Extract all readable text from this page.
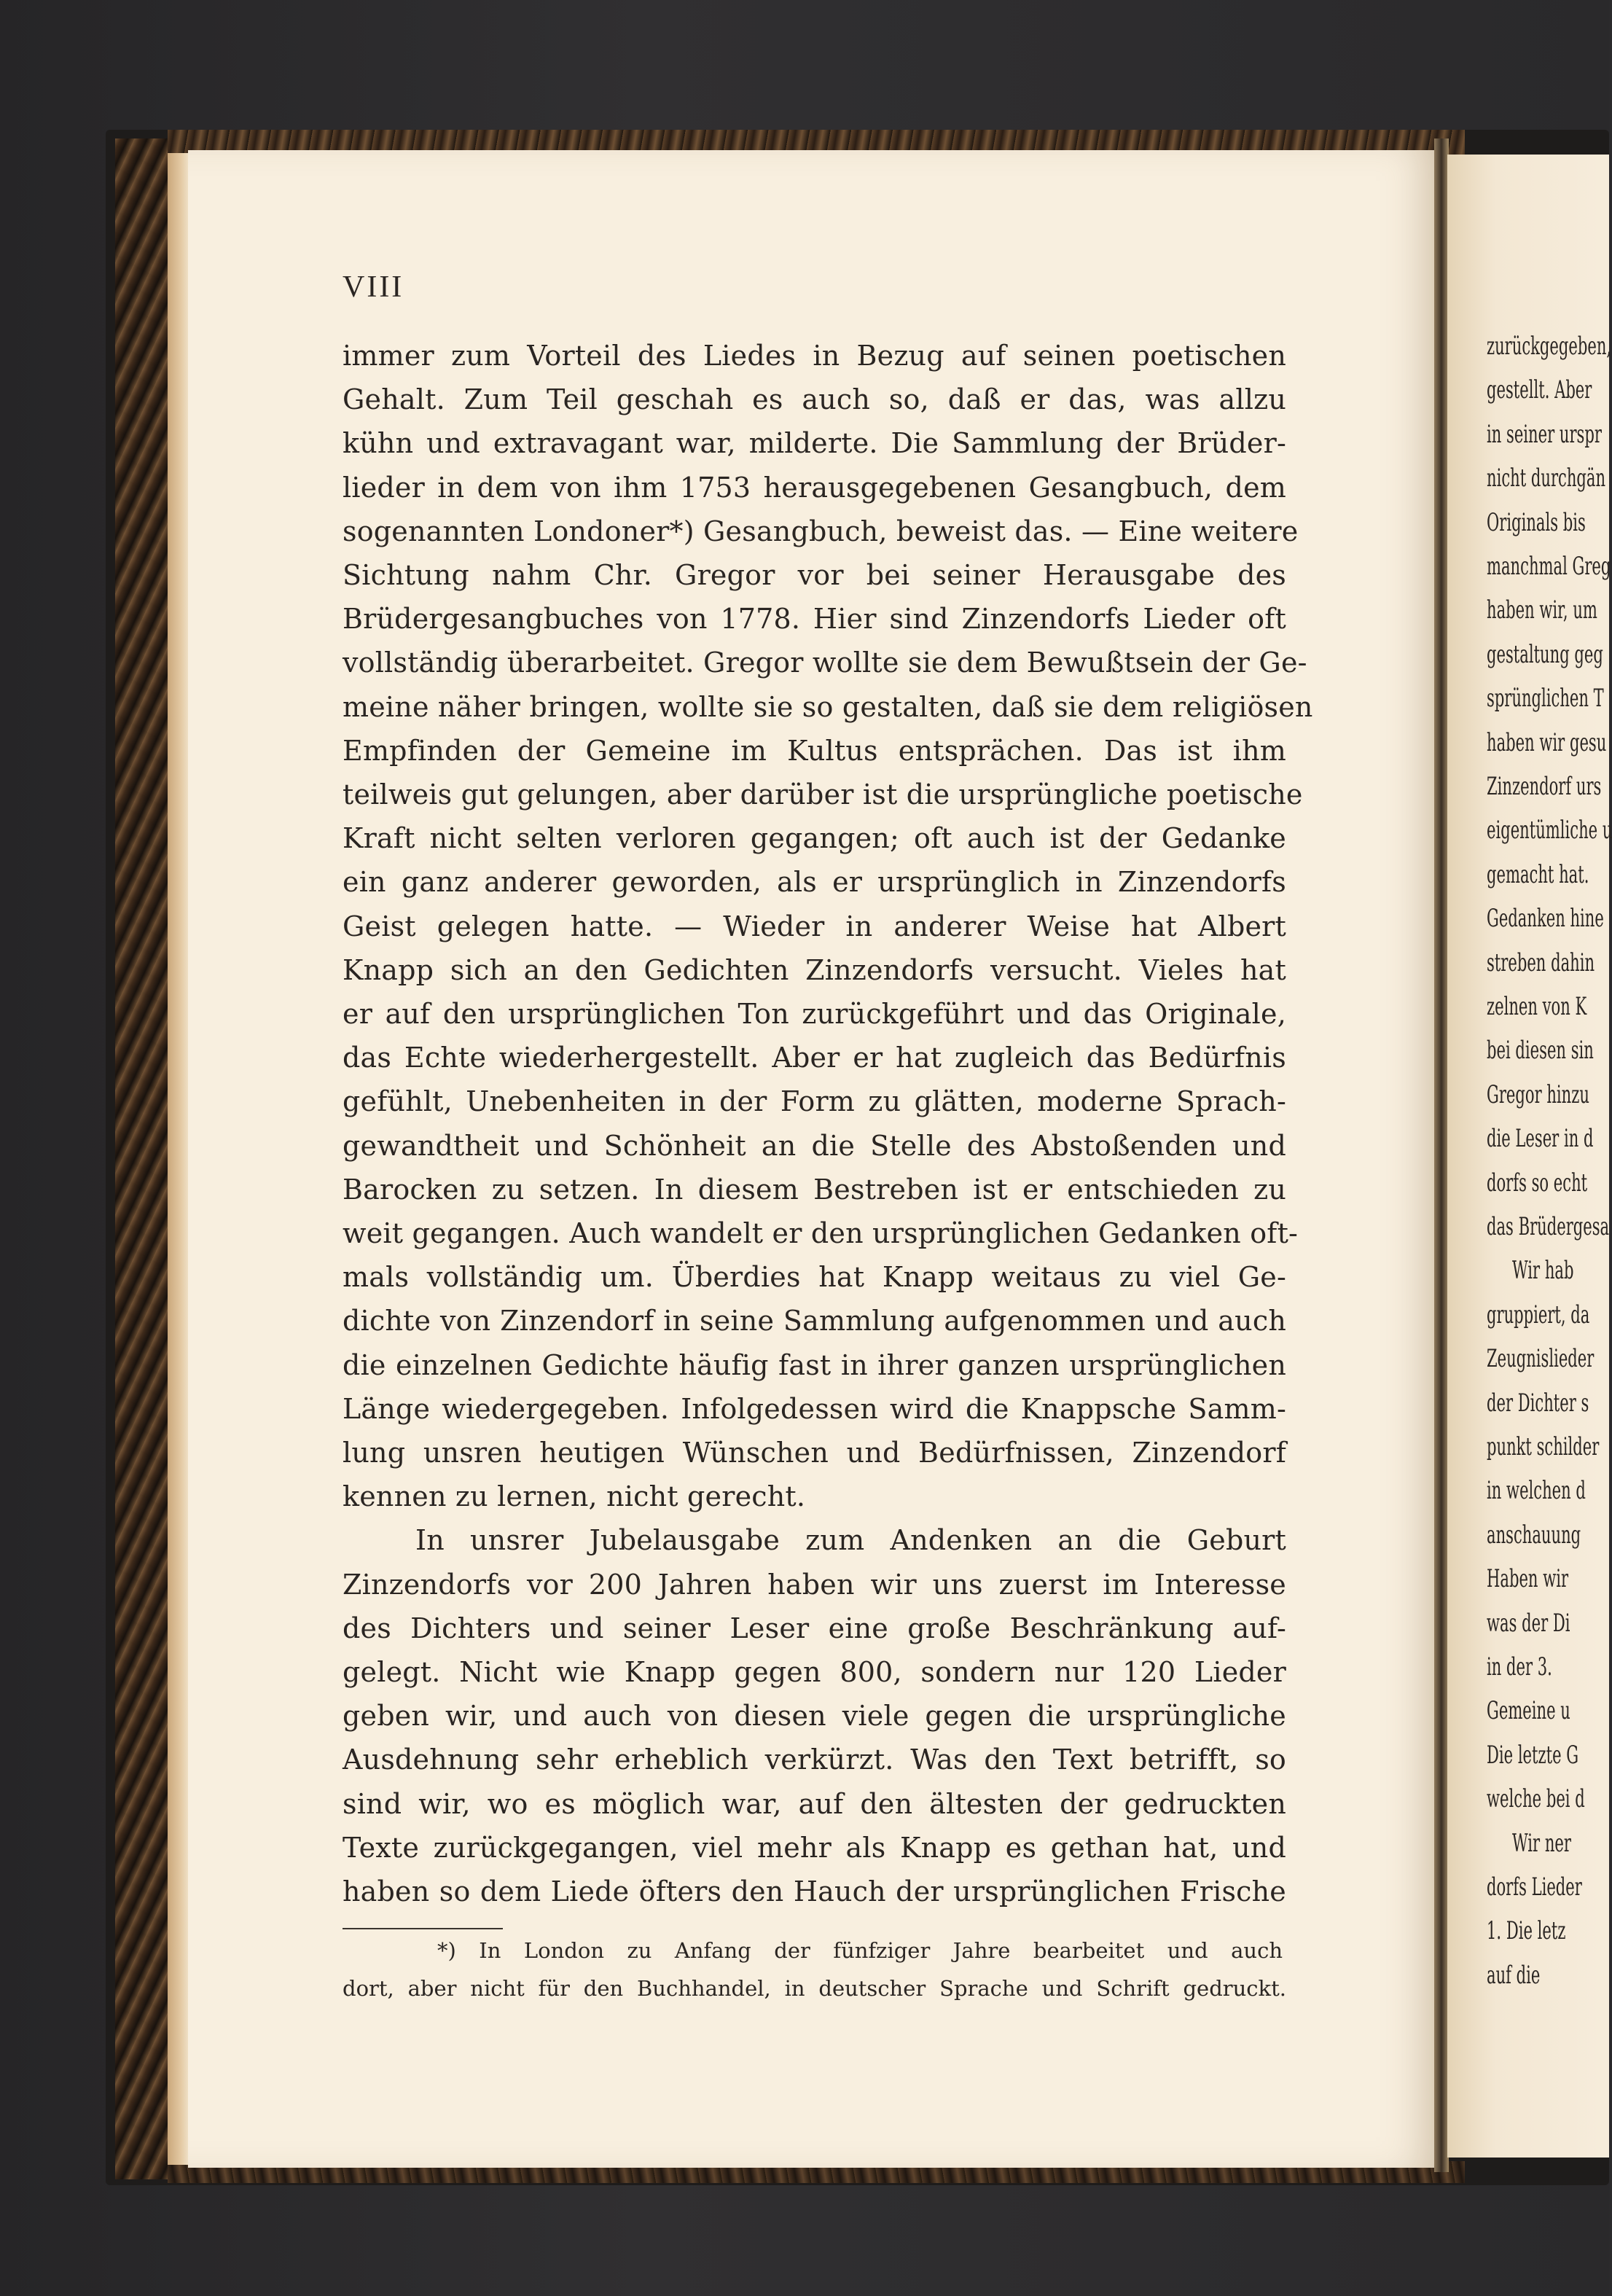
VIII
immer zum Vorteil des Liedes in Bezug auf seinen poetischen
Gehalt. Zum Teil geschah es auch so, daß er das, was allzu
kühn und extravagant war, milderte. Die Sammlung der Brüder-
lieder in dem von ihm 1753 herausgegebenen Gesangbuch, dem
sogenannten Londoner*) Gesangbuch, beweist das. — Eine weitere
Sichtung nahm Chr. Gregor vor bei seiner Herausgabe des
Brüdergesangbuches von 1778. Hier sind Zinzendorfs Lieder oft
vollständig überarbeitet. Gregor wollte sie dem Bewußtsein der Ge-
meine näher bringen, wollte sie so gestalten, daß sie dem religiösen
Empfinden der Gemeine im Kultus entsprächen. Das ist ihm
teilweis gut gelungen, aber darüber ist die ursprüngliche poetische
Kraft nicht selten verloren gegangen; oft auch ist der Gedanke
ein ganz anderer geworden, als er ursprünglich in Zinzendorfs
Geist gelegen hatte. — Wieder in anderer Weise hat Albert
Knapp sich an den Gedichten Zinzendorfs versucht. Vieles hat
er auf den ursprünglichen Ton zurückgeführt und das Originale,
das Echte wiederhergestellt. Aber er hat zugleich das Bedürfnis
gefühlt, Unebenheiten in der Form zu glätten, moderne Sprach-
gewandtheit und Schönheit an die Stelle des Abstoßenden und
Barocken zu setzen. In diesem Bestreben ist er entschieden zu
weit gegangen. Auch wandelt er den ursprünglichen Gedanken oft-
mals vollständig um. Überdies hat Knapp weitaus zu viel Ge-
dichte von Zinzendorf in seine Sammlung aufgenommen und auch
die einzelnen Gedichte häufig fast in ihrer ganzen ursprünglichen
Länge wiedergegeben. Infolgedessen wird die Knappsche Samm-
lung unsren heutigen Wünschen und Bedürfnissen, Zinzendorf
kennen zu lernen, nicht gerecht.
In unsrer Jubelausgabe zum Andenken an die Geburt
Zinzendorfs vor 200 Jahren haben wir uns zuerst im Interesse
des Dichters und seiner Leser eine große Beschränkung auf-
gelegt. Nicht wie Knapp gegen 800, sondern nur 120 Lieder
geben wir, und auch von diesen viele gegen die ursprüngliche
Ausdehnung sehr erheblich verkürzt. Was den Text betrifft, so
sind wir, wo es möglich war, auf den ältesten der gedruckten
Texte zurückgegangen, viel mehr als Knapp es gethan hat, und
haben so dem Liede öfters den Hauch der ursprünglichen Frische
*) In London zu Anfang der fünfziger Jahre bearbeitet und auch
dort, aber nicht für den Buchhandel, in deutscher Sprache und Schrift gedruckt.
zurückgegeben,
gestellt. Aber
in seiner urspr
nicht durchgän
Originals bis
manchmal Greg
haben wir, um
gestaltung geg
sprünglichen T
haben wir gesu
Zinzendorf urs
eigentümliche u
gemacht hat.
Gedanken hine
streben dahin
zelnen von K
bei diesen sin
Gregor hinzu
die Leser in d
dorfs so echt
das Brüdergesa
Wir hab
gruppiert, da
Zeugnislieder
der Dichter s
punkt schilder
in welchen d
anschauung
Haben wir
was der Di
in der 3.
Gemeine u
Die letzte G
welche bei d
Wir ner
dorfs Lieder
1. Die letz
auf die
